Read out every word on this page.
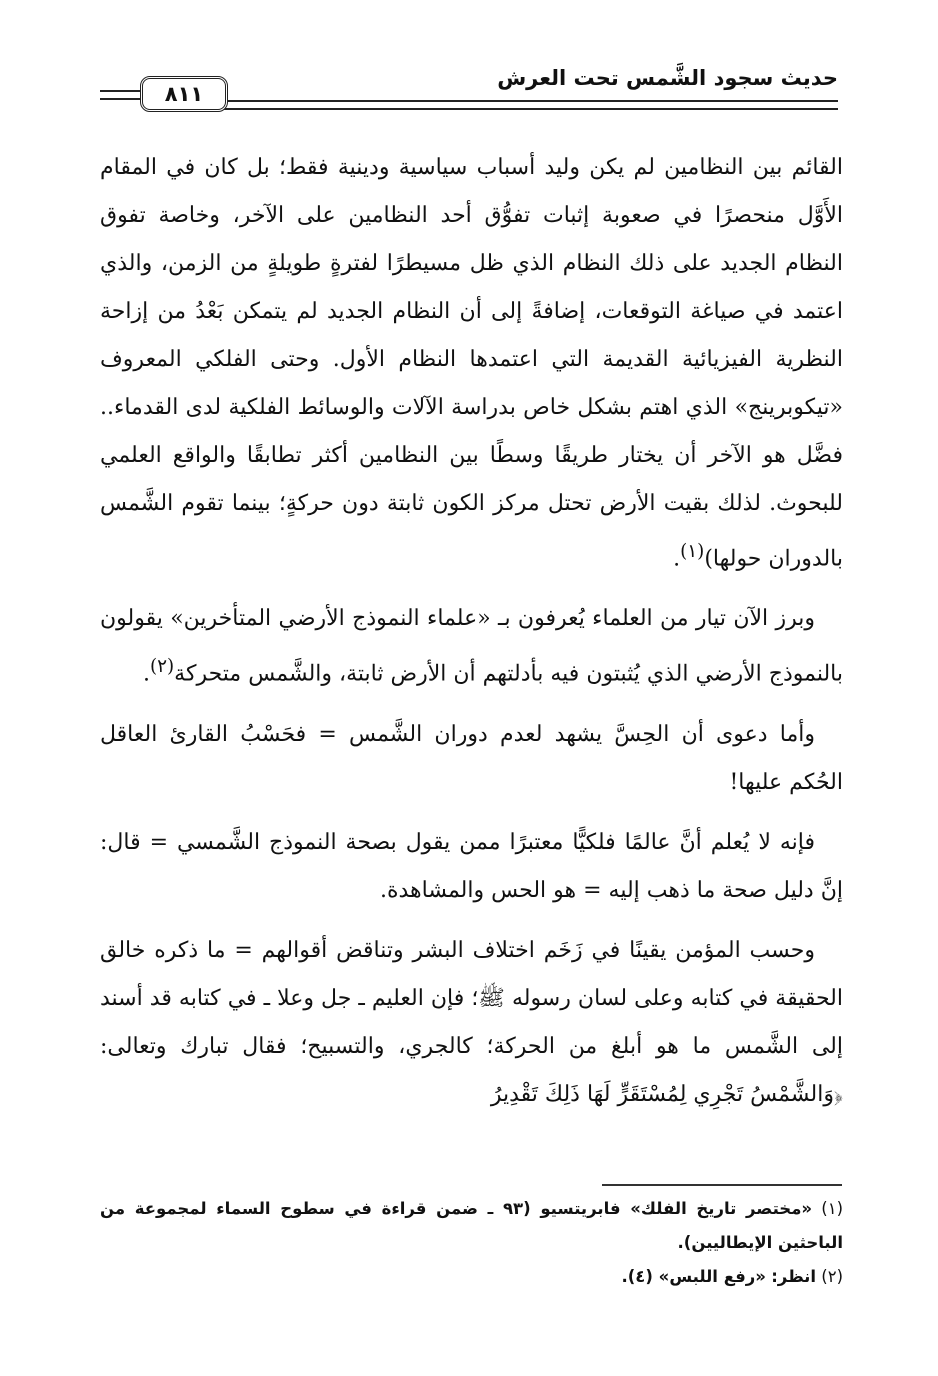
حديث سجود الشَّمس تحت العرش
٨١١

القائم بين النظامين لم يكن وليد أسباب سياسية ودينية فقط؛ بل كان في المقام الأَوَّل منحصرًا في صعوبة إثبات تفوُّق أحد النظامين على الآخر، وخاصة تفوق النظام الجديد على ذلك النظام الذي ظل مسيطرًا لفترةٍ طويلةٍ من الزمن، والذي اعتمد في صياغة التوقعات، إضافةً إلى أن النظام الجديد لم يتمكن بَعْدُ من إزاحة النظرية الفيزيائية القديمة التي اعتمدها النظام الأول. وحتى الفلكي المعروف «تيكوبرينج» الذي اهتم بشكل خاص بدراسة الآلات والوسائط الفلكية لدى القدماء.. فضَّل هو الآخر أن يختار طريقًا وسطًا بين النظامين أكثر تطابقًا والواقع العلمي للبحوث. لذلك بقيت الأرض تحتل مركز الكون ثابتة دون حركةٍ؛ بينما تقوم الشَّمس بالدوران حولها)$^{(١)}$.

وبرز الآن تيار من العلماء يُعرفون بـ «علماء النموذج الأرضي المتأخرين» يقولون بالنموذج الأرضي الذي يُثبتون فيه بأدلتهم أن الأرض ثابتة، والشَّمس متحركة$^{(٢)}$.

وأما دعوى أن الحِسَّ يشهد لعدم دوران الشَّمس = فحَسْبُ القارئ العاقل الحُكم عليها!

فإنه لا يُعلم أنَّ عالمًا فلكيًّا معتبرًا ممن يقول بصحة النموذج الشَّمسي = قال: إنَّ دليل صحة ما ذهب إليه = هو الحس والمشاهدة.

وحسب المؤمن يقينًا في زَخَم اختلاف البشر وتناقض أقوالهم = ما ذكره خالق الحقيقة في كتابه وعلى لسان رسوله ﷺ؛ فإن العليم ـ جل وعلا ـ في كتابه قد أسند إلى الشَّمس ما هو أبلغ من الحركة؛ كالجري، والتسبيح؛ فقال تبارك وتعالى: ﴿وَالشَّمْسُ تَجْرِي لِمُسْتَقَرٍّ لَهَا ذَلِكَ تَقْدِيرُ

(١) «مختصر تاريخ الفلك» فابريتسيو (٩٣ ـ ضمن قراءة في سطوح السماء لمجموعة من الباحثين الإيطاليين).

(٢) انظر: «رفع اللبس» (٤).
